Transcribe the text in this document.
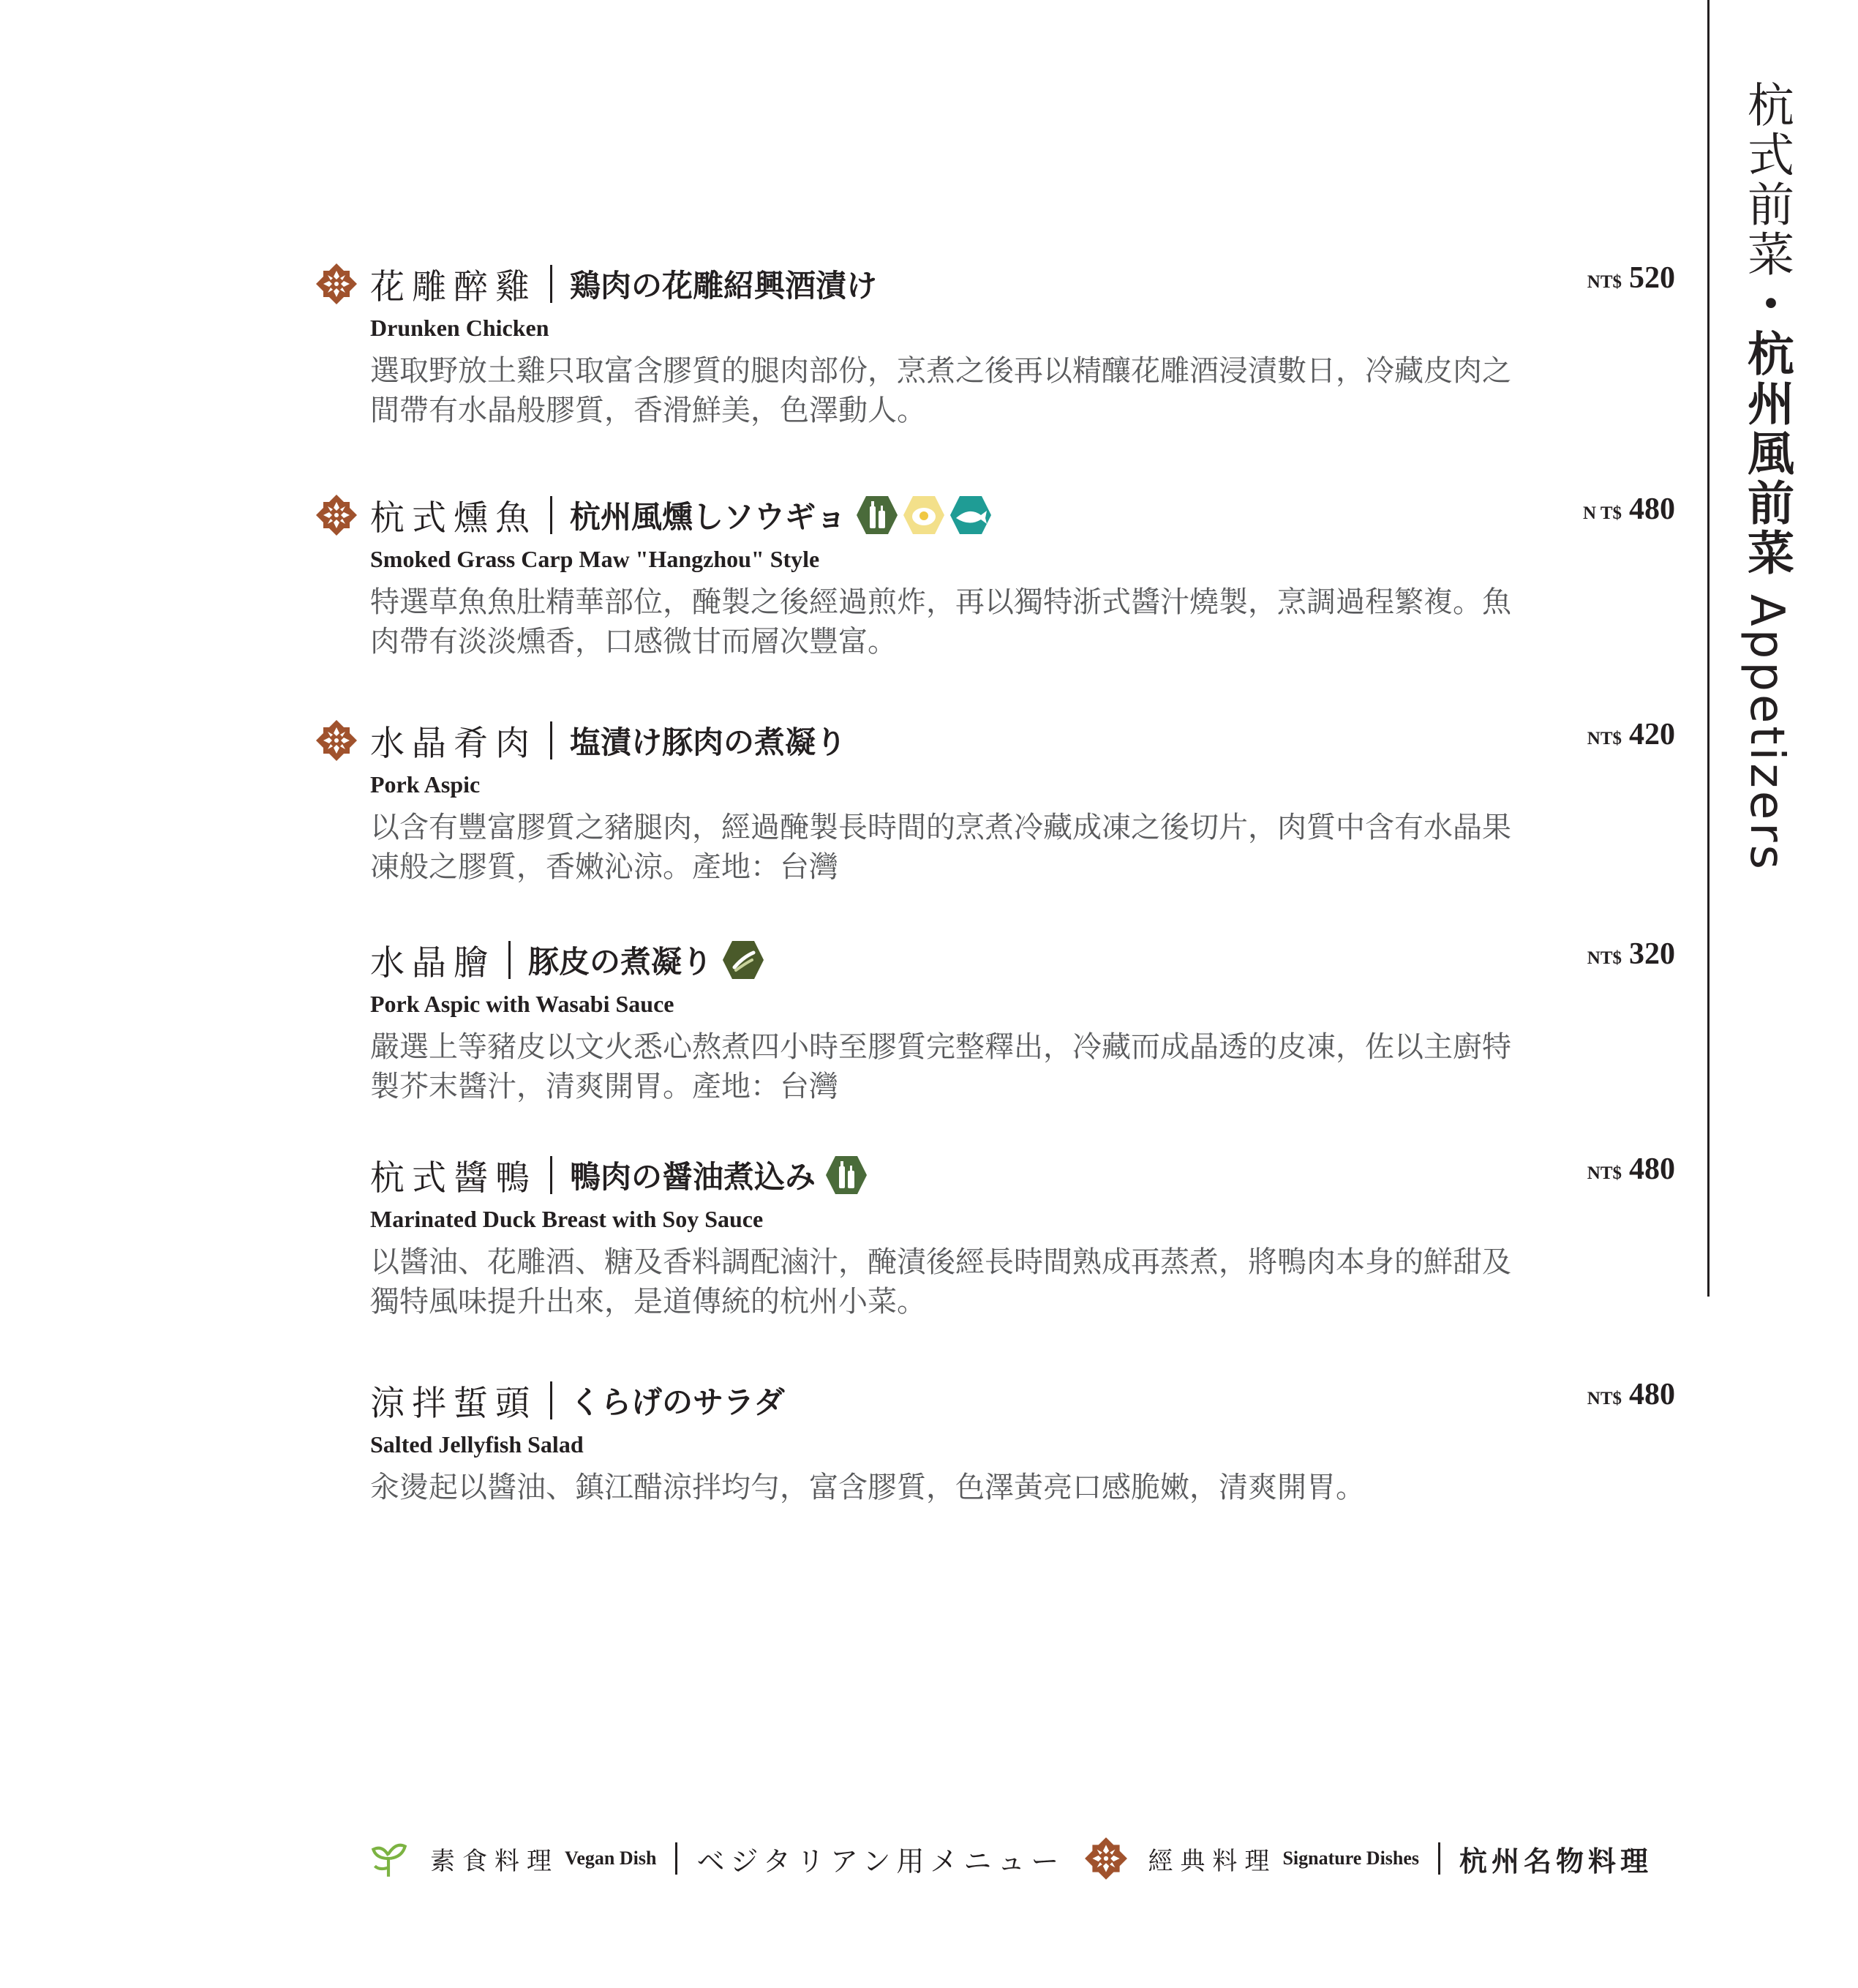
杭式前菜・杭州風前菜Appetizers
花雕醉雞 鶏肉の花雕紹興酒漬け	NT$ 520
Drunken Chicken
選取野放土雞只取富含膠質的腿肉部份，烹煮之後再以精釀花雕酒浸漬數日，冷藏皮肉之間帶有水晶般膠質，香滑鮮美，色澤動人。
杭式燻魚 杭州風燻しソウギョ	N T$ 480
Smoked Grass Carp Maw "Hangzhou" Style
特選草魚魚肚精華部位，醃製之後經過煎炸，再以獨特浙式醬汁燒製，烹調過程繁複。魚肉帶有淡淡燻香，口感微甘而層次豐富。
水晶肴肉 塩漬け豚肉の煮凝り	NT$ 420
Pork Aspic
以含有豐富膠質之豬腿肉，經過醃製長時間的烹煮冷藏成凍之後切片，肉質中含有水晶果凍般之膠質，香嫩沁涼。產地：台灣
水晶膾 豚皮の煮凝り	NT$ 320
Pork Aspic with Wasabi Sauce
嚴選上等豬皮以文火悉心熬煮四小時至膠質完整釋出，冷藏而成晶透的皮凍，佐以主廚特製芥末醬汁，清爽開胃。產地：台灣
杭式醬鴨 鴨肉の醤油煮込み	NT$ 480
Marinated Duck Breast with Soy Sauce
以醬油、花雕酒、糖及香料調配滷汁，醃漬後經長時間熟成再蒸煮，將鴨肉本身的鮮甜及獨特風味提升出來，是道傳統的杭州小菜。
涼拌蜇頭 くらげのサラダ	NT$ 480
Salted Jellyfish Salad
汆燙起以醬油、鎮江醋涼拌均勻，富含膠質，色澤黃亮口感脆嫩，清爽開胃。
素食料理 Vegan Dish ベジタリアン用メニュー	經典料理 Signature Dishes 杭州名物料理
